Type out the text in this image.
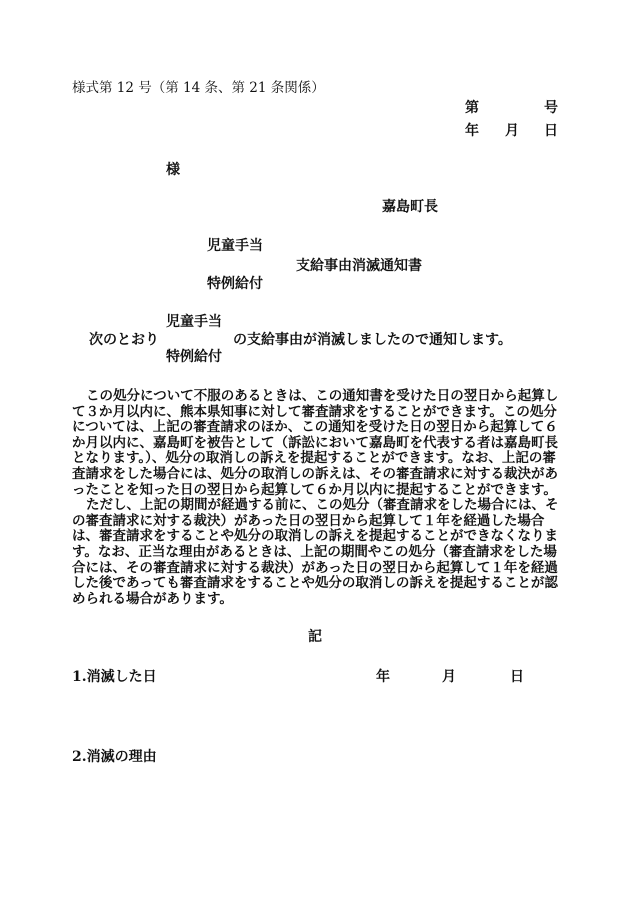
様式第 12 号（第 14 条、第 21 条関係）
第	号
年 月 日
様
嘉島町長
児童手当
支給事由消滅通知書
特例給付
児童手当
次のとおり	の支給事由が消滅しましたので通知します。
特例給付

この処分について不服のあるときは、この通知書を受けた日の翌日から起算して３か月以内に、熊本県知事に対して審査請求をすることができます。この処分については、上記の審査請求のほか、この通知を受けた日の翌日から起算して６か月以内に、嘉島町を被告として（訴訟において嘉島町を代表する者は嘉島町長となります。）、処分の取消しの訴えを提起することができます。なお、上記の審査請求をした場合には、処分の取消しの訴えは、その審査請求に対する裁決があったことを知った日の翌日から起算して６か月以内に提起することができます。

ただし、上記の期間が経過する前に、この処分（審査請求をした場合には、その審査請求に対する裁決）があった日の翌日から起算して１年を経過した場合は、審査請求をすることや処分の取消しの訴えを提起することができなくなります。なお、正当な理由があるときは、上記の期間やこの処分（審査請求をした場合には、その審査請求に対する裁決）があった日の翌日から起算して１年を経過した後であっても審査請求をすることや処分の取消しの訴えを提起することが認められる場合があります。

記
1.消滅した日	年	月	日
2.消滅の理由
